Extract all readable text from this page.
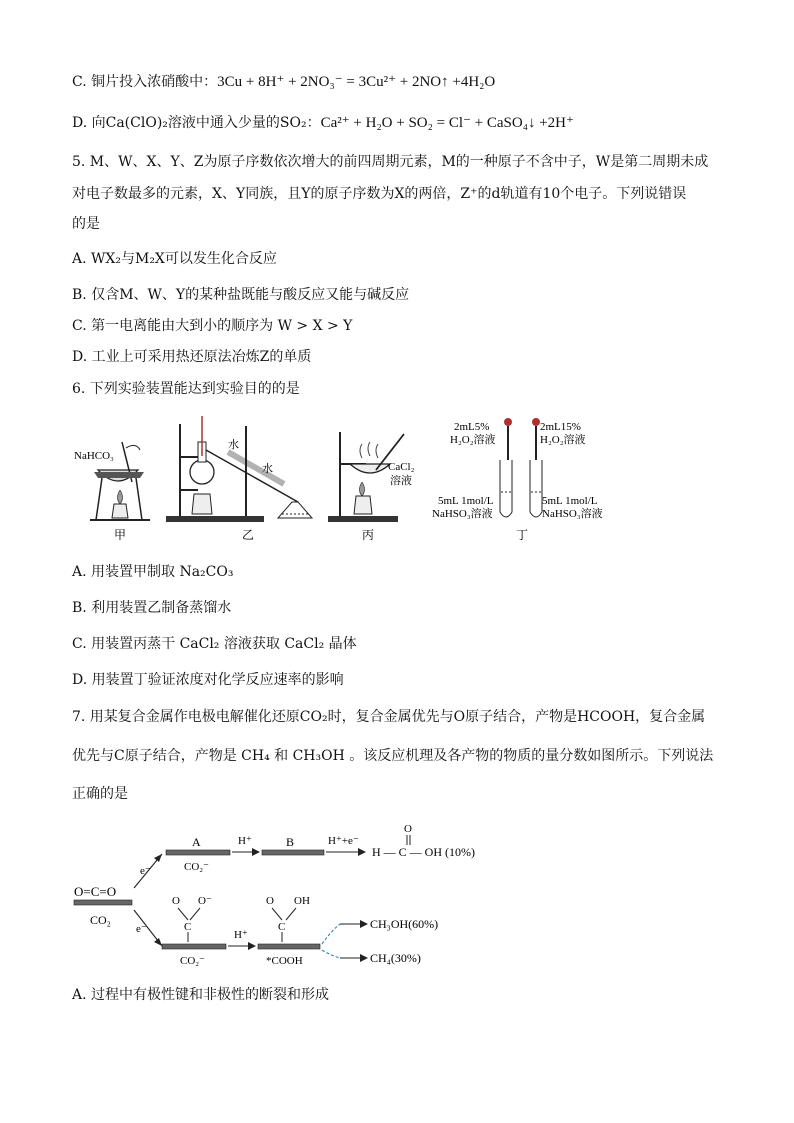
C. 铜片投入浓硝酸中：3Cu + 8H⁺ + 2NO₃⁻ = 3Cu²⁺ + 2NO↑ +4H₂O
D. 向Ca(ClO)₂溶液中通入少量的SO₂：Ca²⁺ + H₂O + SO₂ = Cl⁻ + CaSO₄↓ +2H⁺
5. M、W、X、Y、Z为原子序数依次增大的前四周期元素，M的一种原子不含中子，W是第二周期未成
对电子数最多的元素，X、Y同族，且Y的原子序数为X的两倍，Z⁺的d轨道有10个电子。下列说错误
的是
A. WX₂与M₂X可以发生化合反应
B. 仅含M、W、Y的某种盐既能与酸反应又能与碱反应
C. 第一电离能由大到小的顺序为 W > X > Y
D. 工业上可采用热还原法冶炼Z的单质
6. 下列实验装置能达到实验目的的是
NaHCO₃
甲
水
水
乙
CaCl₂
溶液
丙
2mL5%
H₂O₂溶液
2mL15%
H₂O₂溶液
5mL 1mol/L
NaHSO₃溶液
5mL 1mol/L
NaHSO₃溶液
丁
A. 用装置甲制取 Na₂CO₃
B. 利用装置乙制备蒸馏水
C. 用装置丙蒸干 CaCl₂ 溶液获取 CaCl₂ 晶体
D. 用装置丁验证浓度对化学反应速率的影响
7. 用某复合金属作电极电解催化还原CO₂时，复合金属优先与O原子结合，产物是HCOOH，复合金属
优先与C原子结合，产物是 CH₄ 和 CH₃OH 。该反应机理及各产物的物质的量分数如图所示。下列说法
正确的是
O=C=O
CO₂
e⁻
e⁻
A
CO₂⁻
H⁺	B	H⁺+e⁻
O
H — C — OH (10%)
O O⁻
C
CO₂⁻
H⁺
O OH
C
*COOH
CH₃OH(60%)
CH₄(30%)
A. 过程中有极性键和非极性的断裂和形成
